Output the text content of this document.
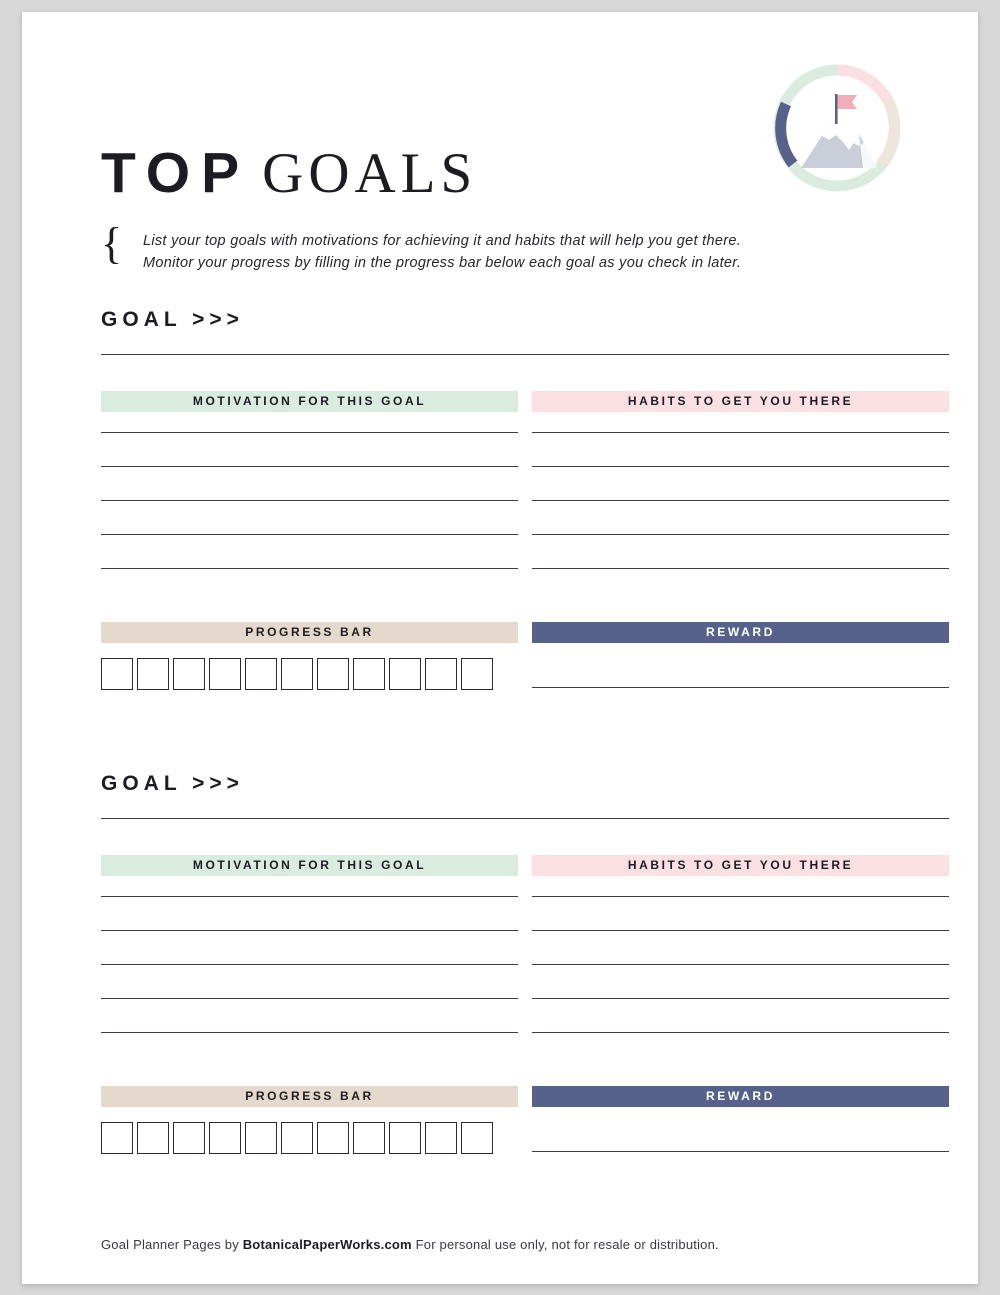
TOP GOALS
{ List your top goals with motivations for achieving it and habits that will help you get there.
Monitor your progress by filling in the progress bar below each goal as you check in later.
GOAL >>>
MOTIVATION FOR THIS GOAL	HABITS TO GET YOU THERE
PROGRESS BAR	REWARD
GOAL >>>
MOTIVATION FOR THIS GOAL	HABITS TO GET YOU THERE
PROGRESS BAR	REWARD
Goal Planner Pages by BotanicalPaperWorks.com For personal use only, not for resale or distribution.
